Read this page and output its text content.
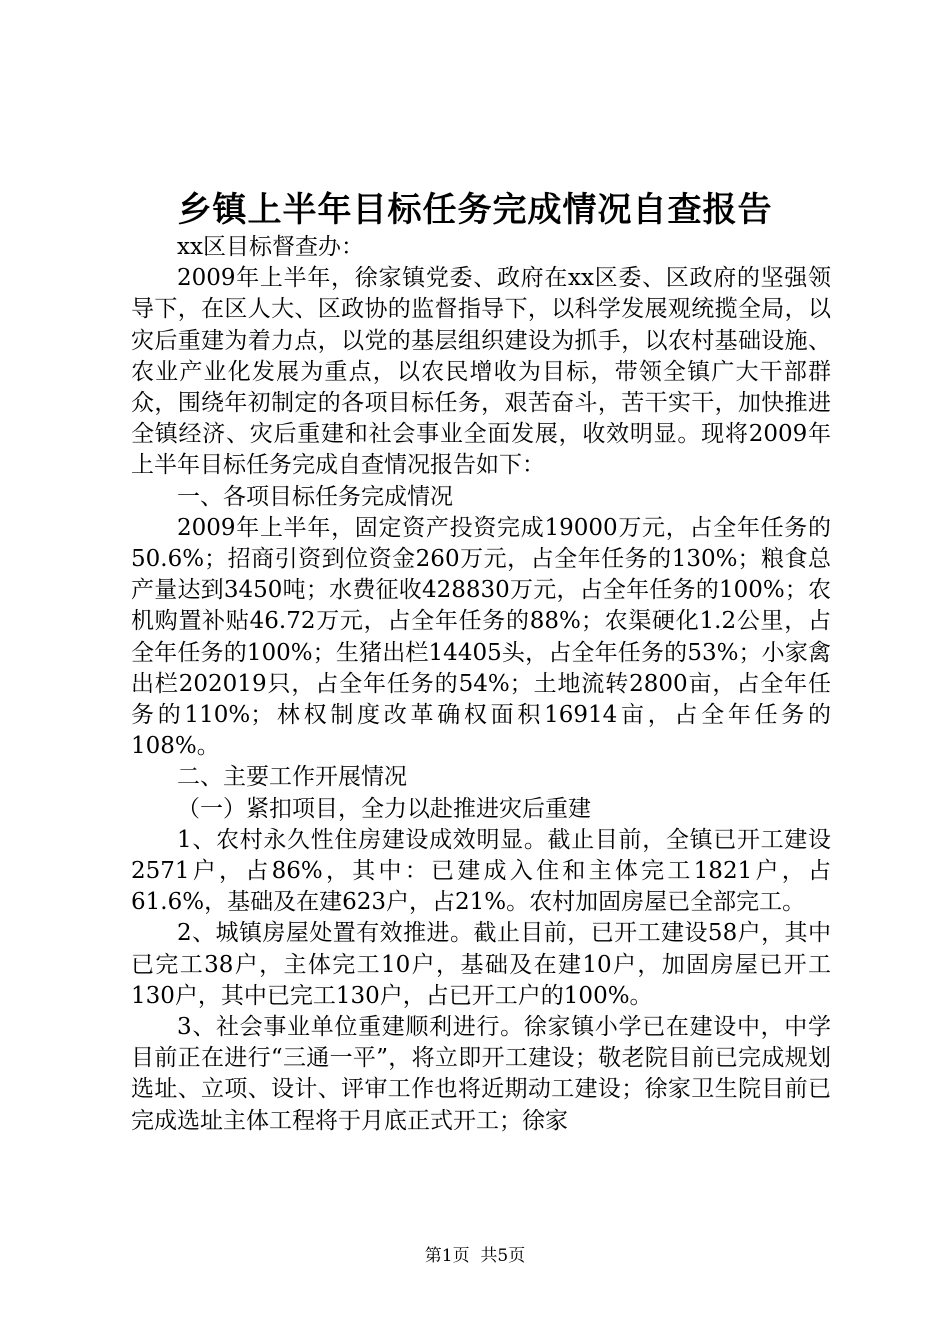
乡镇上半年目标任务完成情况自查报告

xx区目标督查办：

2009年上半年，徐家镇党委、政府在xx区委、区政府的坚强领导下，在区人大、区政协的监督指导下，以科学发展观统揽全局，以灾后重建为着力点，以党的基层组织建设为抓手，以农村基础设施、农业产业化发展为重点，以农民增收为目标，带领全镇广大干部群众，围绕年初制定的各项目标任务，艰苦奋斗，苦干实干，加快推进全镇经济、灾后重建和社会事业全面发展，收效明显。现将2009年上半年目标任务完成自查情况报告如下：

一、各项目标任务完成情况

2009年上半年，固定资产投资完成19000万元，占全年任务的50.6%；招商引资到位资金260万元，占全年任务的130%；粮食总产量达到3450吨；水费征收428830万元，占全年任务的100%；农机购置补贴46.72万元，占全年任务的88%；农渠硬化1.2公里，占全年任务的100%；生猪出栏14405头，占全年任务的53%；小家禽出栏202019只，占全年任务的54%；土地流转2800亩，占全年任务的110%；林权制度改革确权面积16914亩，占全年任务的108%。

二、主要工作开展情况

（一）紧扣项目，全力以赴推进灾后重建

1、农村永久性住房建设成效明显。截止目前，全镇已开工建设2571户，占86%，其中：已建成入住和主体完工1821户，占61.6%，基础及在建623户，占21%。农村加固房屋已全部完工。

2、城镇房屋处置有效推进。截止目前，已开工建设58户，其中已完工38户，主体完工10户，基础及在建10户，加固房屋已开工130户，其中已完工130户，占已开工户的100%。

3、社会事业单位重建顺利进行。徐家镇小学已在建设中，中学目前正在进行“三通一平”，将立即开工建设；敬老院目前已完成规划选址、立项、设计、评审工作也将近期动工建设；徐家卫生院目前已完成选址主体工程将于月底正式开工；徐家

第1页 共5页
